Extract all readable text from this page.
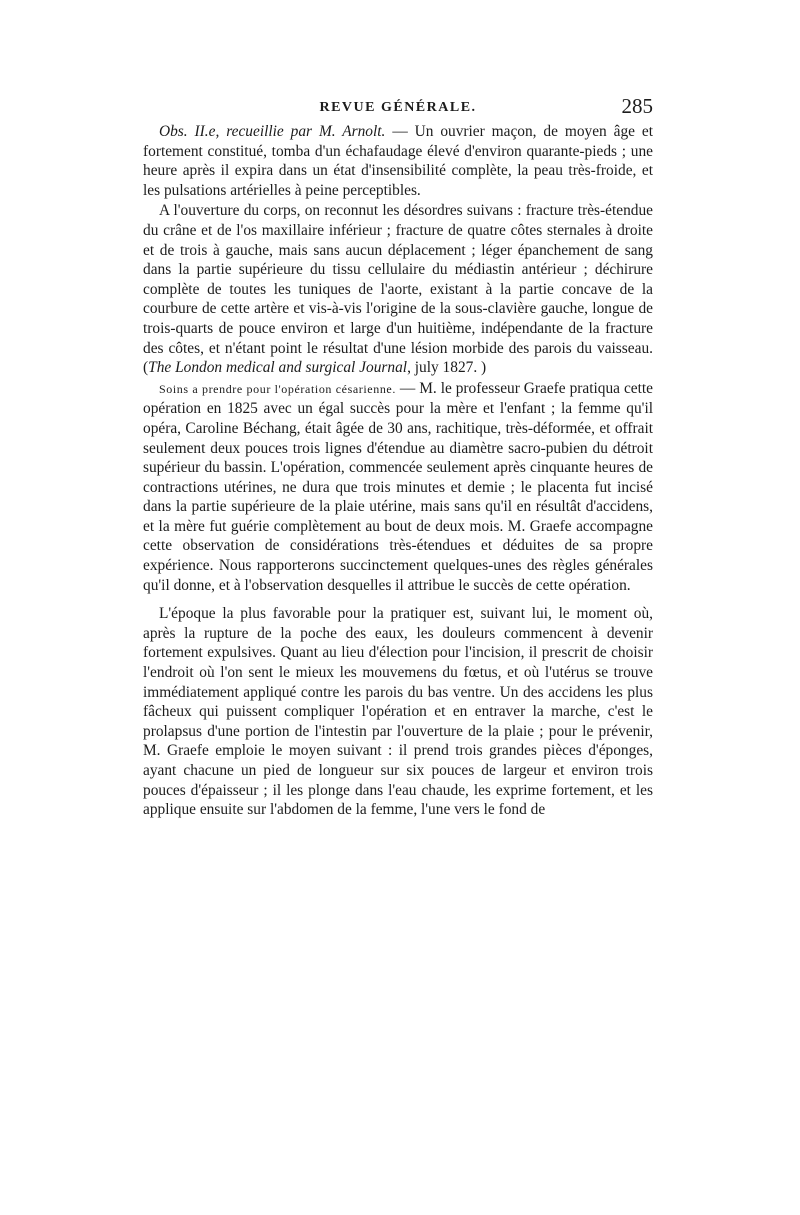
REVUE GÉNÉRALE.	285

Obs. II.e, recueillie par M. Arnolt. — Un ouvrier maçon, de moyen âge et fortement constitué, tomba d'un échafaudage élevé d'environ quarante-pieds ; une heure après il expira dans un état d'insensibilité complète, la peau très-froide, et les pulsations artérielles à peine perceptibles.

A l'ouverture du corps, on reconnut les désordres suivans : fracture très-étendue du crâne et de l'os maxillaire inférieur ; fracture de quatre côtes sternales à droite et de trois à gauche, mais sans aucun déplacement ; léger épanchement de sang dans la partie supérieure du tissu cellulaire du médiastin antérieur ; déchirure complète de toutes les tuniques de l'aorte, existant à la partie concave de la courbure de cette artère et vis-à-vis l'origine de la sous-clavière gauche, longue de trois-quarts de pouce environ et large d'un huitième, indépendante de la fracture des côtes, et n'étant point le résultat d'une lésion morbide des parois du vaisseau. (The London medical and surgical Journal, july 1827. )

Soins a prendre pour l'opération césarienne. — M. le professeur Graefe pratiqua cette opération en 1825 avec un égal succès pour la mère et l'enfant ; la femme qu'il opéra, Caroline Béchang, était âgée de 30 ans, rachitique, très-déformée, et offrait seulement deux pouces trois lignes d'étendue au diamètre sacro-pubien du détroit supérieur du bassin. L'opération, commencée seulement après cinquante heures de contractions utérines, ne dura que trois minutes et demie ; le placenta fut incisé dans la partie supérieure de la plaie utérine, mais sans qu'il en résultât d'accidens, et la mère fut guérie complètement au bout de deux mois. M. Graefe accompagne cette observation de considérations très-étendues et déduites de sa propre expérience. Nous rapporterons succinctement quelques-unes des règles générales qu'il donne, et à l'observation desquelles il attribue le succès de cette opération.

L'époque la plus favorable pour la pratiquer est, suivant lui, le moment où, après la rupture de la poche des eaux, les douleurs commencent à devenir fortement expulsives. Quant au lieu d'élection pour l'incision, il prescrit de choisir l'endroit où l'on sent le mieux les mouvemens du fœtus, et où l'utérus se trouve immédiatement appliqué contre les parois du bas ventre. Un des accidens les plus fâcheux qui puissent compliquer l'opération et en entraver la marche, c'est le prolapsus d'une portion de l'intestin par l'ouverture de la plaie ; pour le prévenir, M. Graefe emploie le moyen suivant : il prend trois grandes pièces d'éponges, ayant chacune un pied de longueur sur six pouces de largeur et environ trois pouces d'épaisseur ; il les plonge dans l'eau chaude, les exprime fortement, et les applique ensuite sur l'abdomen de la femme, l'une vers le fond de
